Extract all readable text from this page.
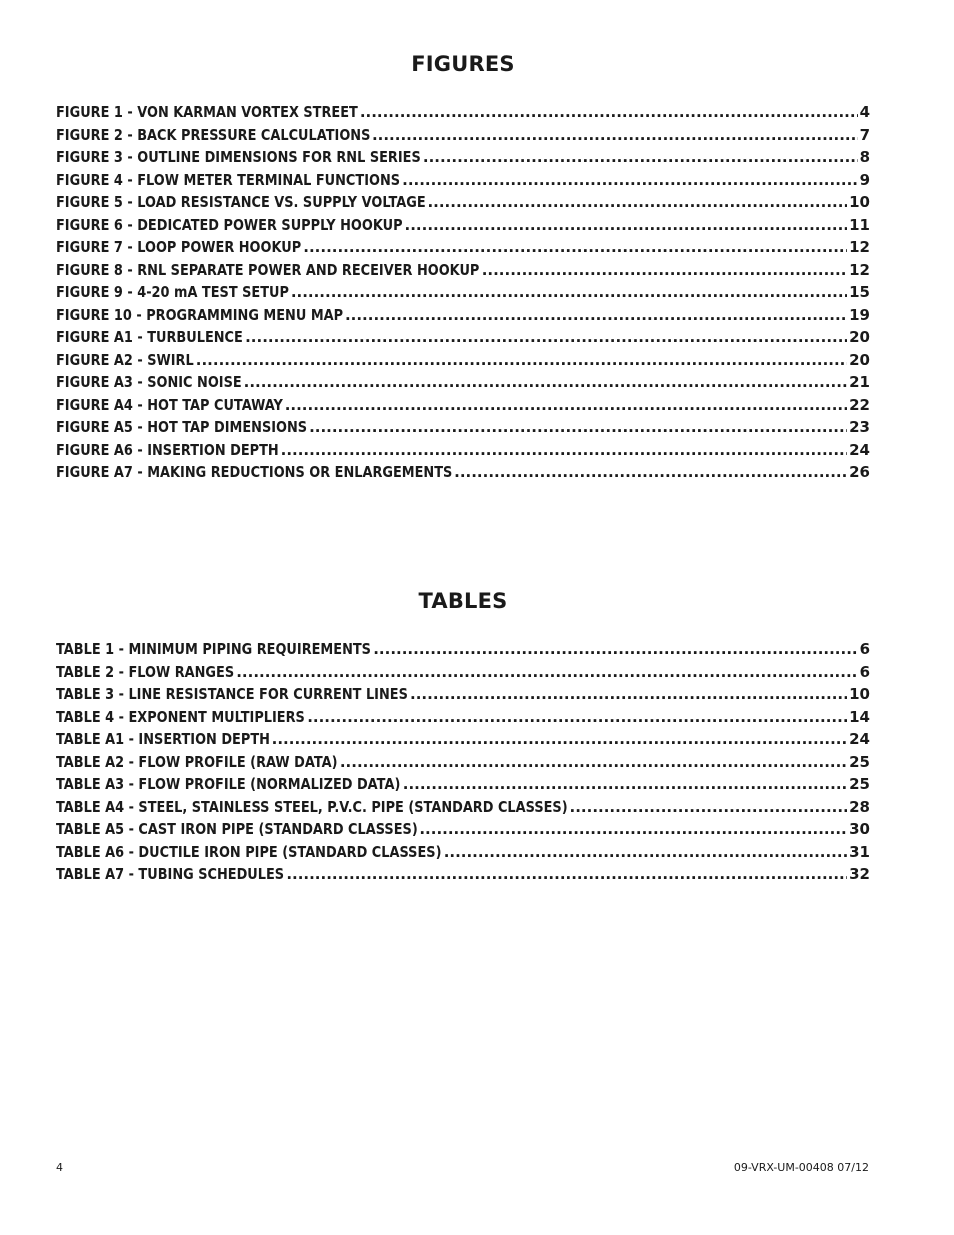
FIGURES
FIGURE 1 - VON KARMAN VORTEX STREET .....	4
FIGURE 2 - BACK PRESSURE CALCULATIONS .....	7
FIGURE 3 - OUTLINE DIMENSIONS FOR RNL SERIES .....	8
FIGURE 4 - FLOW METER TERMINAL FUNCTIONS .....	9
FIGURE 5 - LOAD RESISTANCE VS. SUPPLY VOLTAGE .....	10
FIGURE 6 - DEDICATED POWER SUPPLY HOOKUP .....	11
FIGURE 7 - LOOP POWER HOOKUP .....	12
FIGURE 8 - RNL SEPARATE POWER AND RECEIVER HOOKUP .....	12
FIGURE 9 - 4-20 mA TEST SETUP .....	15
FIGURE 10 - PROGRAMMING MENU MAP .....	19
FIGURE A1 - TURBULENCE .....	20
FIGURE A2 - SWIRL .....	20
FIGURE A3 - SONIC NOISE .....	21
FIGURE A4 - HOT TAP CUTAWAY .....	22
FIGURE A5 - HOT TAP DIMENSIONS .....	23
FIGURE A6 - INSERTION DEPTH .....	24
FIGURE A7 - MAKING REDUCTIONS OR ENLARGEMENTS .....	26
TABLES
TABLE 1 - MINIMUM PIPING REQUIREMENTS .....	6
TABLE 2 - FLOW RANGES .....	6
TABLE 3 - LINE RESISTANCE FOR CURRENT LINES .....	10
TABLE 4 - EXPONENT MULTIPLIERS .....	14
TABLE A1 - INSERTION DEPTH .....	24
TABLE A2 - FLOW PROFILE (RAW DATA) .....	25
TABLE A3 - FLOW PROFILE (NORMALIZED DATA) .....	25
TABLE A4 - STEEL, STAINLESS STEEL, P.V.C. PIPE (STANDARD CLASSES) .....	28
TABLE A5 - CAST IRON PIPE (STANDARD CLASSES) .....	30
TABLE A6 - DUCTILE IRON PIPE (STANDARD CLASSES) .....	31
TABLE A7 - TUBING SCHEDULES .....	32
4	09-VRX-UM-00408 07/12
